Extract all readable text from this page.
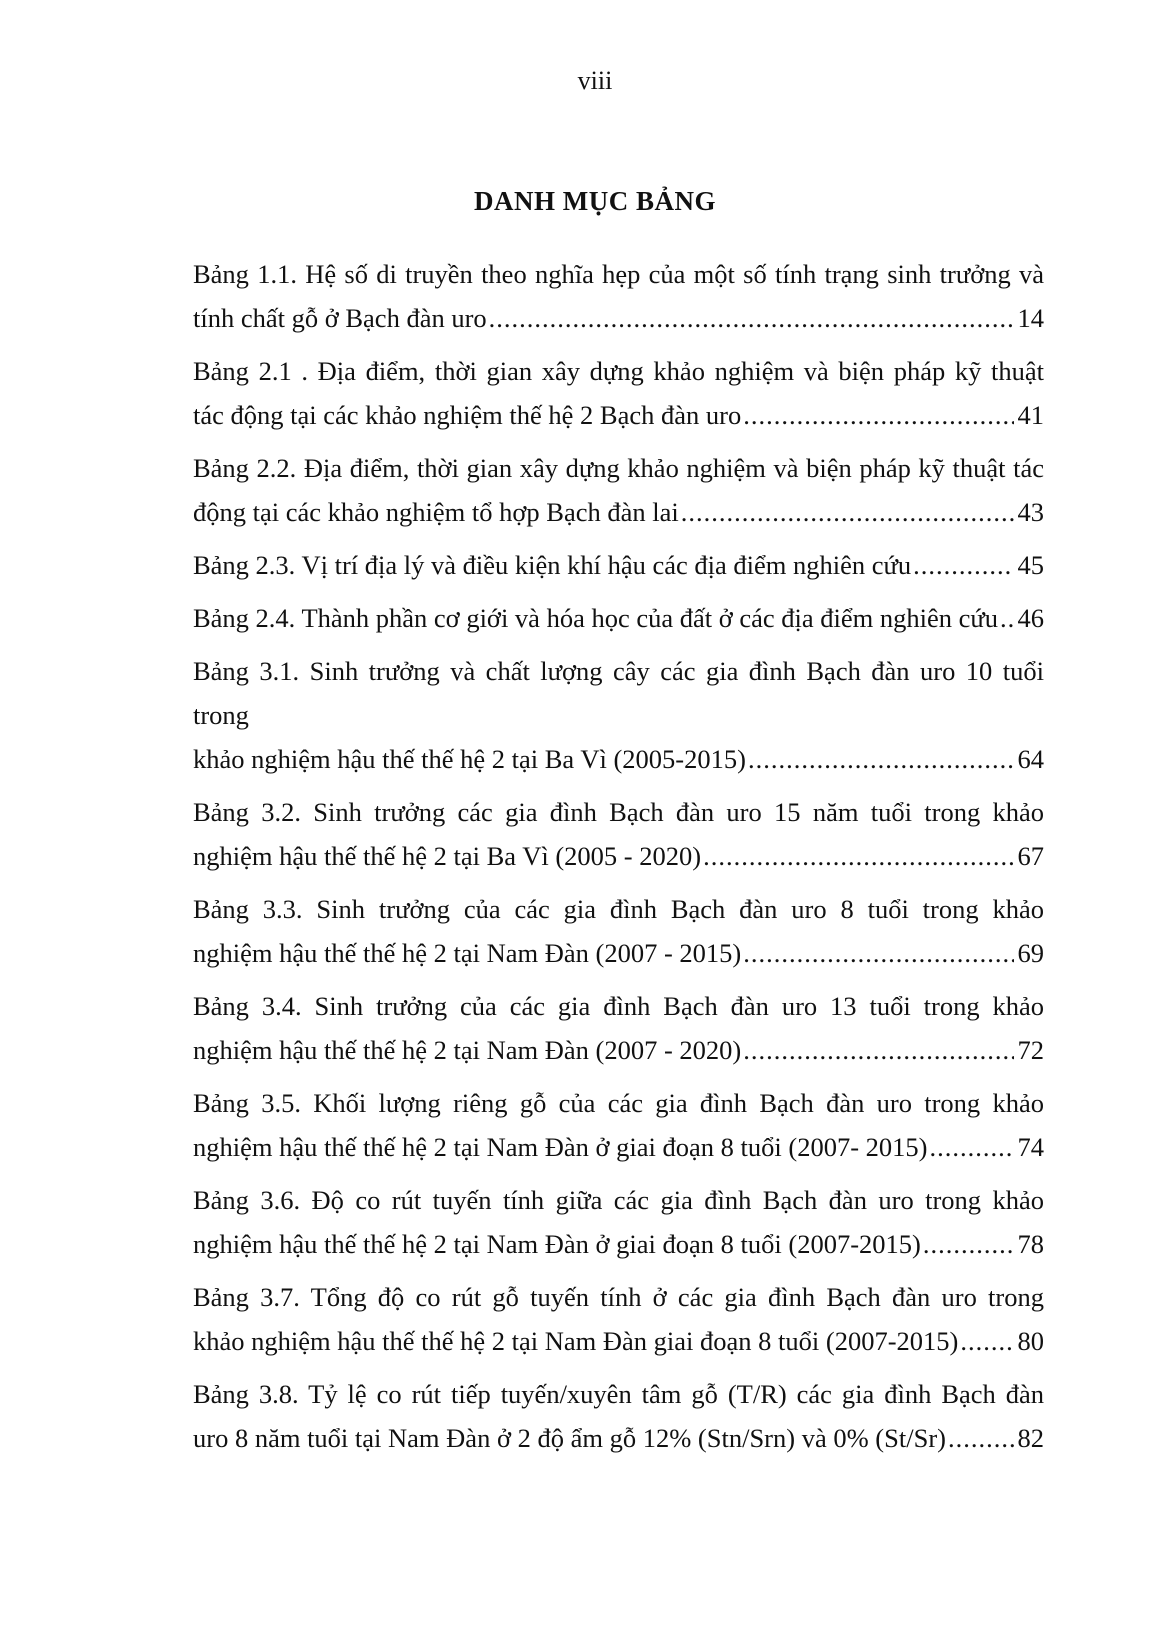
viii
DANH MỤC BẢNG
Bảng 1.1. Hệ số di truyền theo nghĩa hẹp của một số tính trạng sinh trưởng và
tính chất gỗ ở Bạch đàn uro .....	14
Bảng 2.1 . Địa điểm, thời gian xây dựng khảo nghiệm và biện pháp kỹ thuật
tác động tại các khảo nghiệm thế hệ 2 Bạch đàn uro .....	41
Bảng 2.2. Địa điểm, thời gian xây dựng khảo nghiệm và biện pháp kỹ thuật tác
động tại các khảo nghiệm tổ hợp Bạch đàn lai .....	43
Bảng 2.3. Vị trí địa lý và điều kiện khí hậu các địa điểm nghiên cứu .....	45
Bảng 2.4. Thành phần cơ giới và hóa học của đất ở các địa điểm nghiên cứu ..... 46
Bảng 3.1. Sinh trưởng và chất lượng cây các gia đình Bạch đàn uro 10 tuổi trong
khảo nghiệm hậu thế thế hệ 2 tại Ba Vì (2005-2015) .....	64
Bảng 3.2. Sinh trưởng các gia đình Bạch đàn uro 15 năm tuổi trong khảo
nghiệm hậu thế thế hệ 2 tại Ba Vì (2005 - 2020) .....	67
Bảng 3.3. Sinh trưởng của các gia đình Bạch đàn uro 8 tuổi trong khảo
nghiệm hậu thế thế hệ 2 tại Nam Đàn (2007 - 2015) .....	69
Bảng 3.4. Sinh trưởng của các gia đình Bạch đàn uro 13 tuổi trong khảo
nghiệm hậu thế thế hệ 2 tại Nam Đàn (2007 - 2020) .....	72
Bảng 3.5. Khối lượng riêng gỗ của các gia đình Bạch đàn uro trong khảo
nghiệm hậu thế thế hệ 2 tại Nam Đàn ở giai đoạn 8 tuổi (2007- 2015) .....	74
Bảng 3.6. Độ co rút tuyến tính giữa các gia đình Bạch đàn uro trong khảo
nghiệm hậu thế thế hệ 2 tại Nam Đàn ở giai đoạn 8 tuổi (2007-2015) .....	78
Bảng 3.7. Tổng độ co rút gỗ tuyến tính ở các gia đình Bạch đàn uro trong
khảo nghiệm hậu thế thế hệ 2 tại Nam Đàn giai đoạn 8 tuổi (2007-2015) ..... 80
Bảng 3.8. Tỷ lệ co rút tiếp tuyến/xuyên tâm gỗ (T/R) các gia đình Bạch đàn
uro 8 năm tuổi tại Nam Đàn ở 2 độ ẩm gỗ 12% (Stn/Srn) và 0% (St/Sr) .....	82
